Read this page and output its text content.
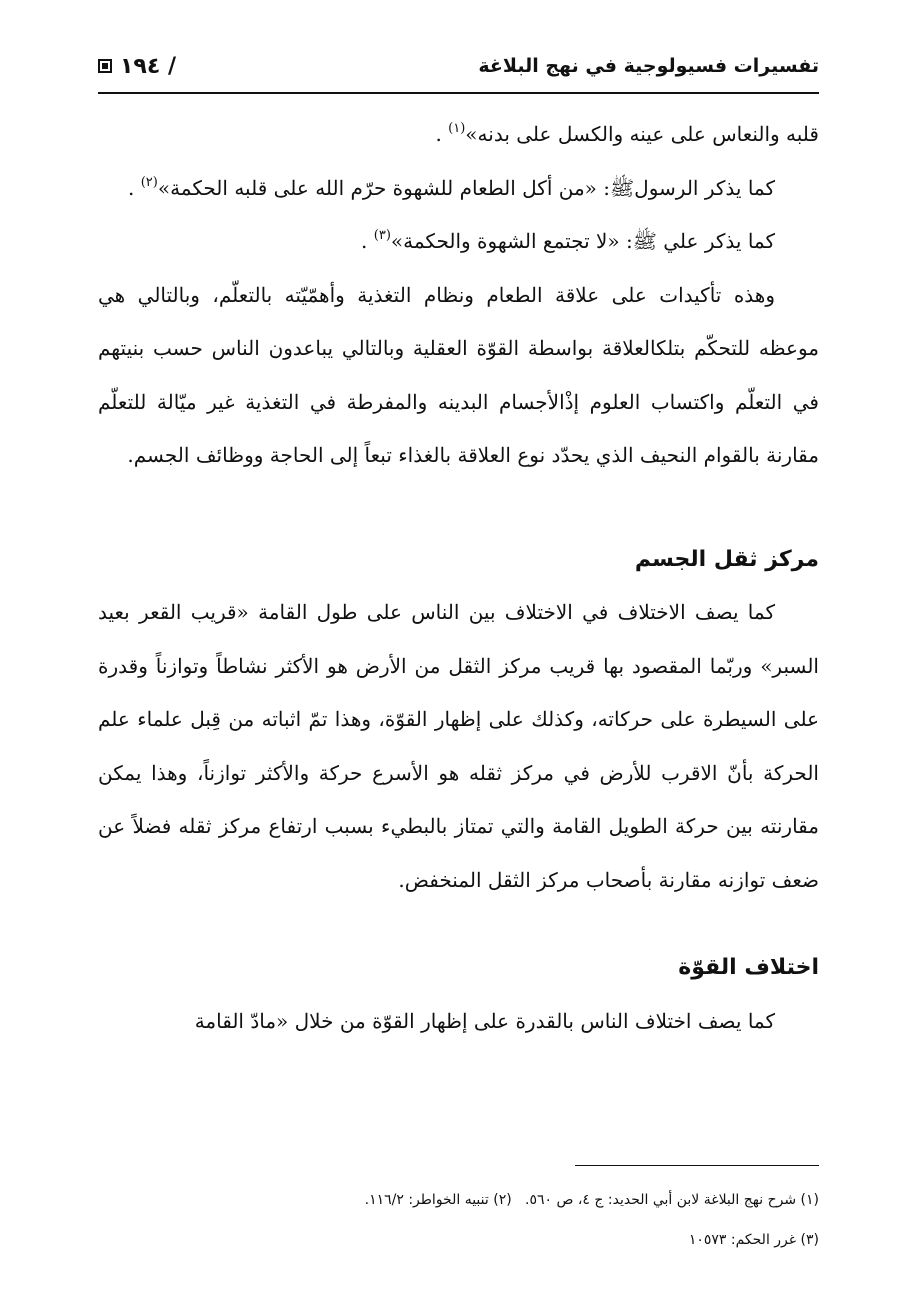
١٩٤ /	تفسيرات فسيولوجية في نهج البلاغة

قلبه والنعاس على عينه والكسل على بدنه»$^{(١)}$ .

كما يذكر الرسولﷺ: «من أكل الطعام للشهوة حرّم الله على قلبه الحكمة»$^{(٢)}$ .

كما يذكر علي ﷺ: «لا تجتمع الشهوة والحكمة»$^{(٣)}$ .

وهذه تأكيدات على علاقة الطعام ونظام التغذية وأهمّيّته بالتعلّم، وبالتالي هي موعظه للتحكّم بتلكالعلاقة بواسطة القوّة العقلية وبالتالي يباعدون الناس حسب بنيتهم في التعلّم واكتساب العلوم إذْالأجسام البدينه والمفرطة في التغذية غير ميّالة للتعلّم مقارنة بالقوام النحيف الذي يحدّد نوع العلاقة بالغذاء تبعاً إلى الحاجة ووظائف الجسم.

مركز ثقل الجسم

كما يصف الاختلاف في الاختلاف بين الناس على طول القامة «قريب القعر بعيد السبر» وربّما المقصود بها قريب مركز الثقل من الأرض هو الأكثر نشاطاً وتوازناً وقدرة على السيطرة على حركاته، وكذلك على إظهار القوّة، وهذا تمّ اثباته من قِبل علماء علم الحركة بأنّ الاقرب للأرض في مركز ثقله هو الأسرع حركة والأكثر توازناً، وهذا يمكن مقارنته بين حركة الطويل القامة والتي تمتاز بالبطيء بسبب ارتفاع مركز ثقله فضلاً عن ضعف توازنه مقارنة بأصحاب مركز الثقل المنخفض.

اختلاف القوّة

كما يصف اختلاف الناس بالقدرة على إظهار القوّة من خلال «مادّ القامة

(١) شرح نهج البلاغة لابن أبي الحديد: ج ٤، ص ٥٦٠.   (٢) تنبيه الخواطر: ١١٦/٢.

(٣) غرر الحكم: ١٠٥٧٣
